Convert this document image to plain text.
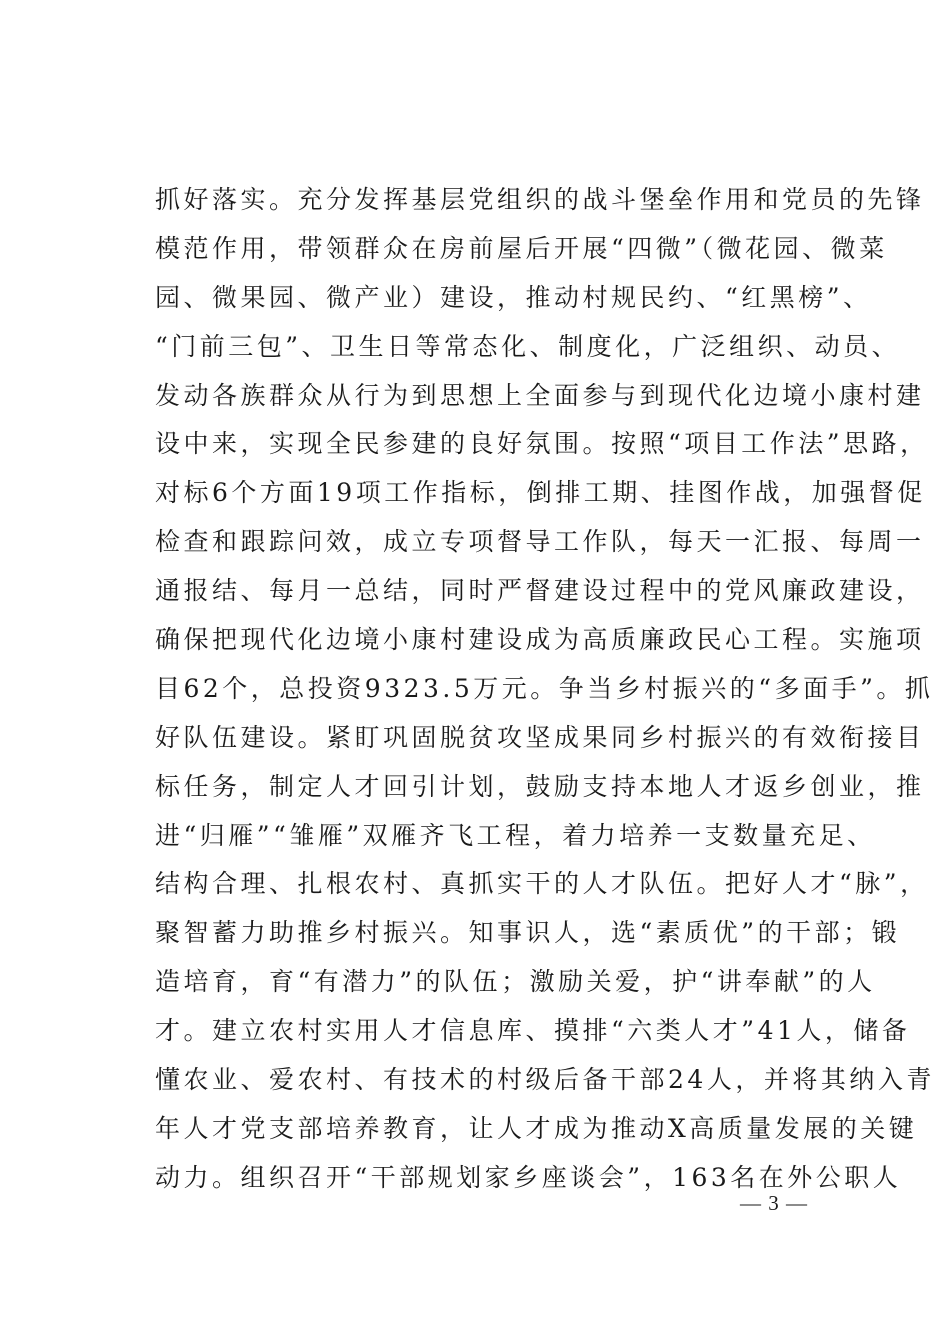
抓好落实。充分发挥基层党组织的战斗堡垒作用和党员的先锋
模范作用，带领群众在房前屋后开展“四微”（微花园、微菜
园、微果园、微产业）建设，推动村规民约、“红黑榜”、
“门前三包”、卫生日等常态化、制度化，广泛组织、动员、
发动各族群众从行为到思想上全面参与到现代化边境小康村建
设中来，实现全民参建的良好氛围。按照“项目工作法”思路，
对标6个方面19项工作指标，倒排工期、挂图作战，加强督促
检查和跟踪问效，成立专项督导工作队，每天一汇报、每周一
通报结、每月一总结，同时严督建设过程中的党风廉政建设，
确保把现代化边境小康村建设成为高质廉政民心工程。实施项
目62个，总投资9323.5万元。争当乡村振兴的“多面手”。抓
好队伍建设。紧盯巩固脱贫攻坚成果同乡村振兴的有效衔接目
标任务，制定人才回引计划，鼓励支持本地人才返乡创业，推
进“归雁”“雏雁”双雁齐飞工程，着力培养一支数量充足、
结构合理、扎根农村、真抓实干的人才队伍。把好人才“脉”，
聚智蓄力助推乡村振兴。知事识人，选“素质优”的干部；锻
造培育，育“有潜力”的队伍；激励关爱，护“讲奉献”的人
才。建立农村实用人才信息库、摸排“六类人才”41人，储备
懂农业、爱农村、有技术的村级后备干部24人，并将其纳入青
年人才党支部培养教育，让人才成为推动X高质量发展的关键
动力。组织召开“干部规划家乡座谈会”，163名在外公职人
— 3 —
